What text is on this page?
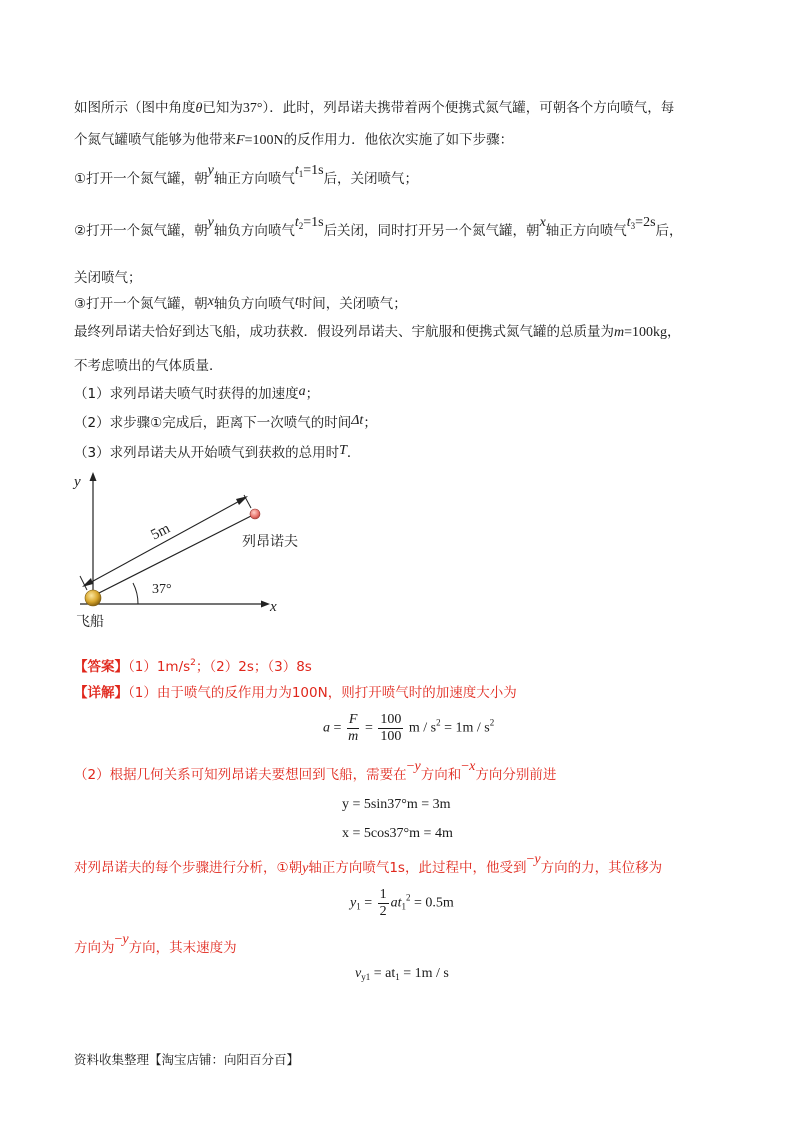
如图所示（图中角度θ已知为37°）．此时，列昂诺夫携带着两个便携式氮气罐，可朝各个方向喷气，每
个氮气罐喷气能够为他带来F=100N的反作用力．他依次实施了如下步骤：
①打开一个氮气罐，朝y轴正方向喷气$t_1=1s$后，关闭喷气；
②打开一个氮气罐，朝y轴负方向喷气$t_2=1s$后关闭，同时打开另一个氮气罐，朝x轴正方向喷气$t_3=2s$后，
关闭喷气；
③打开一个氮气罐，朝x轴负方向喷气t时间，关闭喷气；
最终列昂诺夫恰好到达飞船，成功获救．假设列昂诺夫、宇航服和便携式氮气罐的总质量为m=100kg，
不考虑喷出的气体质量．
（1）求列昂诺夫喷气时获得的加速度a；
（2）求步骤①完成后，距离下一次喷气的时间Δt；
（3）求列昂诺夫从开始喷气到获救的总用时T．
y
x
5m
37°
列昂诺夫
飞船
【答案】$(1)1m/s^2$；（2）2s；（3）8s
【详解】（1）由于喷气的反作用力为100N，则打开喷气时的加速度大小为
$a = \frac{F}{m} = \frac{100}{100}$ $m / s^2 = 1m / s^2$
（2）根据几何关系可知列昂诺夫要想回到飞船，需要在−y方向和−x方向分别前进
y = 5sin37°m = 3m
x = 5cos37°m = 4m
对列昂诺夫的每个步骤进行分析，①朝y轴正方向喷气1s，此过程中，他受到−y方向的力，其位移为
$y_1 = \frac{1}{2} at_1^2 = 0.5m$
方向为−y方向，其末速度为
$v_{y1} = at_1 = 1m / s$
资料收集整理【淘宝店铺：向阳百分百】
